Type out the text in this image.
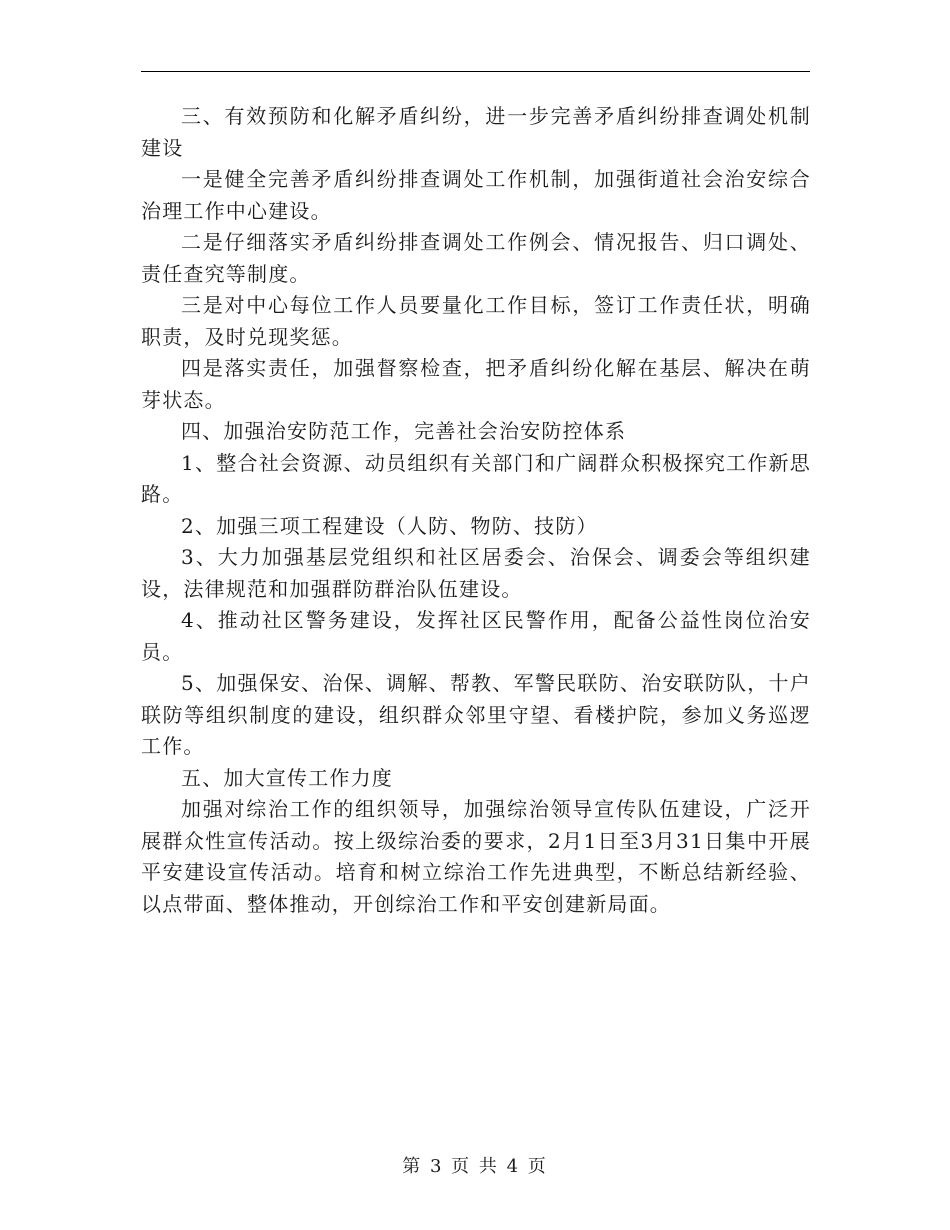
三、有效预防和化解矛盾纠纷，进一步完善矛盾纠纷排查调处机制建设

一是健全完善矛盾纠纷排查调处工作机制，加强街道社会治安综合治理工作中心建设。

二是仔细落实矛盾纠纷排查调处工作例会、情况报告、归口调处、责任查究等制度。

三是对中心每位工作人员要量化工作目标，签订工作责任状，明确职责，及时兑现奖惩。

四是落实责任，加强督察检查，把矛盾纠纷化解在基层、解决在萌芽状态。

四、加强治安防范工作，完善社会治安防控体系

1、整合社会资源、动员组织有关部门和广阔群众积极探究工作新思路。

2、加强三项工程建设（人防、物防、技防）

3、大力加强基层党组织和社区居委会、治保会、调委会等组织建设，法律规范和加强群防群治队伍建设。

4、推动社区警务建设，发挥社区民警作用，配备公益性岗位治安员。

5、加强保安、治保、调解、帮教、军警民联防、治安联防队，十户联防等组织制度的建设，组织群众邻里守望、看楼护院，参加义务巡逻工作。

五、加大宣传工作力度

加强对综治工作的组织领导，加强综治领导宣传队伍建设，广泛开展群众性宣传活动。按上级综治委的要求，2月1日至3月31日集中开展平安建设宣传活动。培育和树立综治工作先进典型，不断总结新经验、以点带面、整体推动，开创综治工作和平安创建新局面。

第 3 页 共 4 页
